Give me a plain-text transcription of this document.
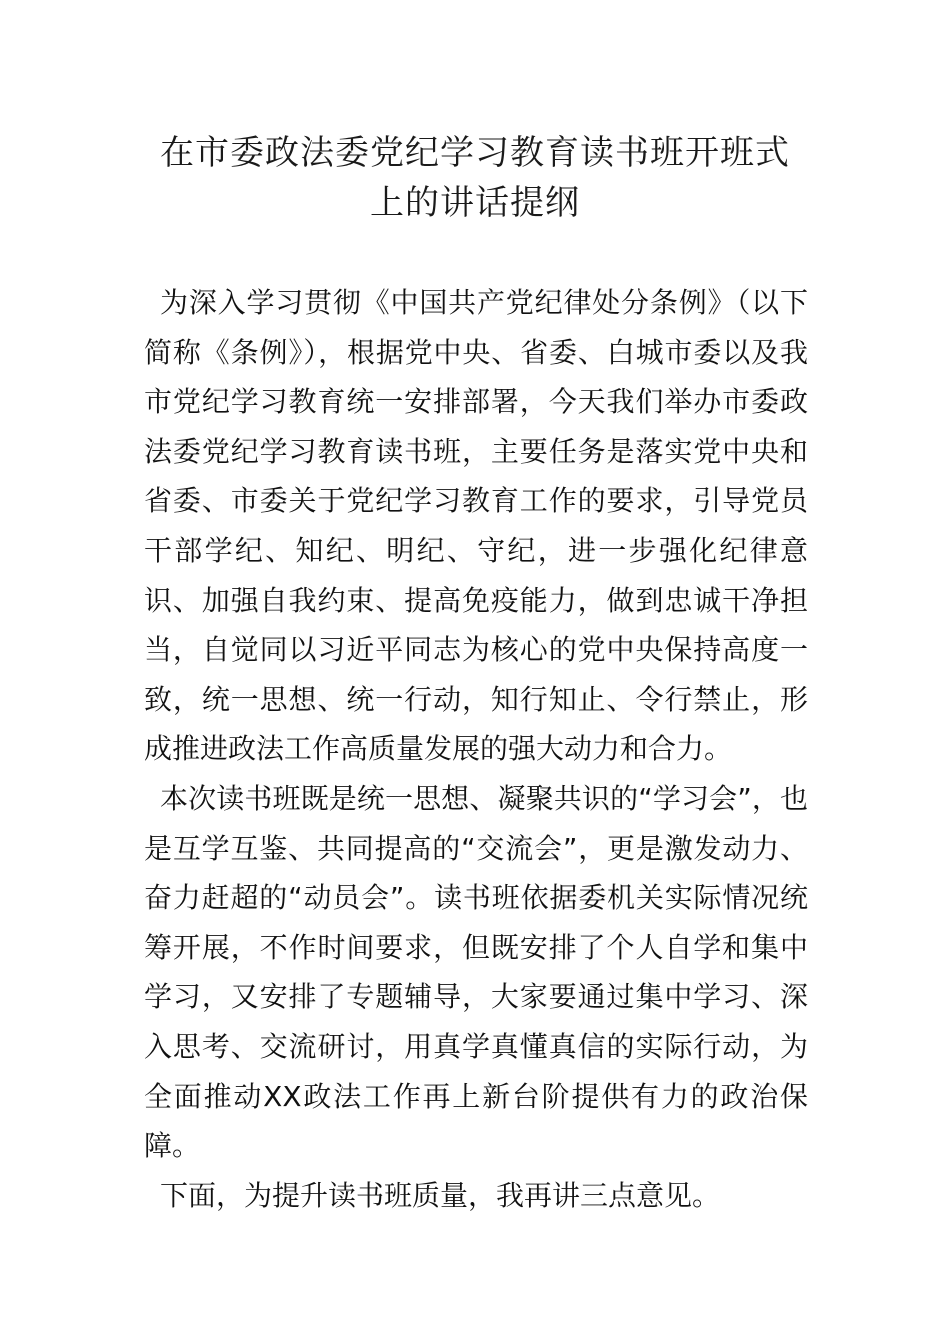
在市委政法委党纪学习教育读书班开班式
上的讲话提纲

为深入学习贯彻《中国共产党纪律处分条例》（以下简称《条例》），根据党中央、省委、白城市委以及我市党纪学习教育统一安排部署，今天我们举办市委政法委党纪学习教育读书班，主要任务是落实党中央和省委、市委关于党纪学习教育工作的要求，引导党员干部学纪、知纪、明纪、守纪，进一步强化纪律意识、加强自我约束、提高免疫能力，做到忠诚干净担当，自觉同以习近平同志为核心的党中央保持高度一致，统一思想、统一行动，知行知止、令行禁止，形成推进政法工作高质量发展的强大动力和合力。

本次读书班既是统一思想、凝聚共识的“学习会”，也是互学互鉴、共同提高的“交流会”，更是激发动力、奋力赶超的“动员会”。读书班依据委机关实际情况统筹开展，不作时间要求，但既安排了个人自学和集中学习，又安排了专题辅导，大家要通过集中学习、深入思考、交流研讨，用真学真懂真信的实际行动，为全面推动XX政法工作再上新台阶提供有力的政治保障。

下面，为提升读书班质量，我再讲三点意见。
